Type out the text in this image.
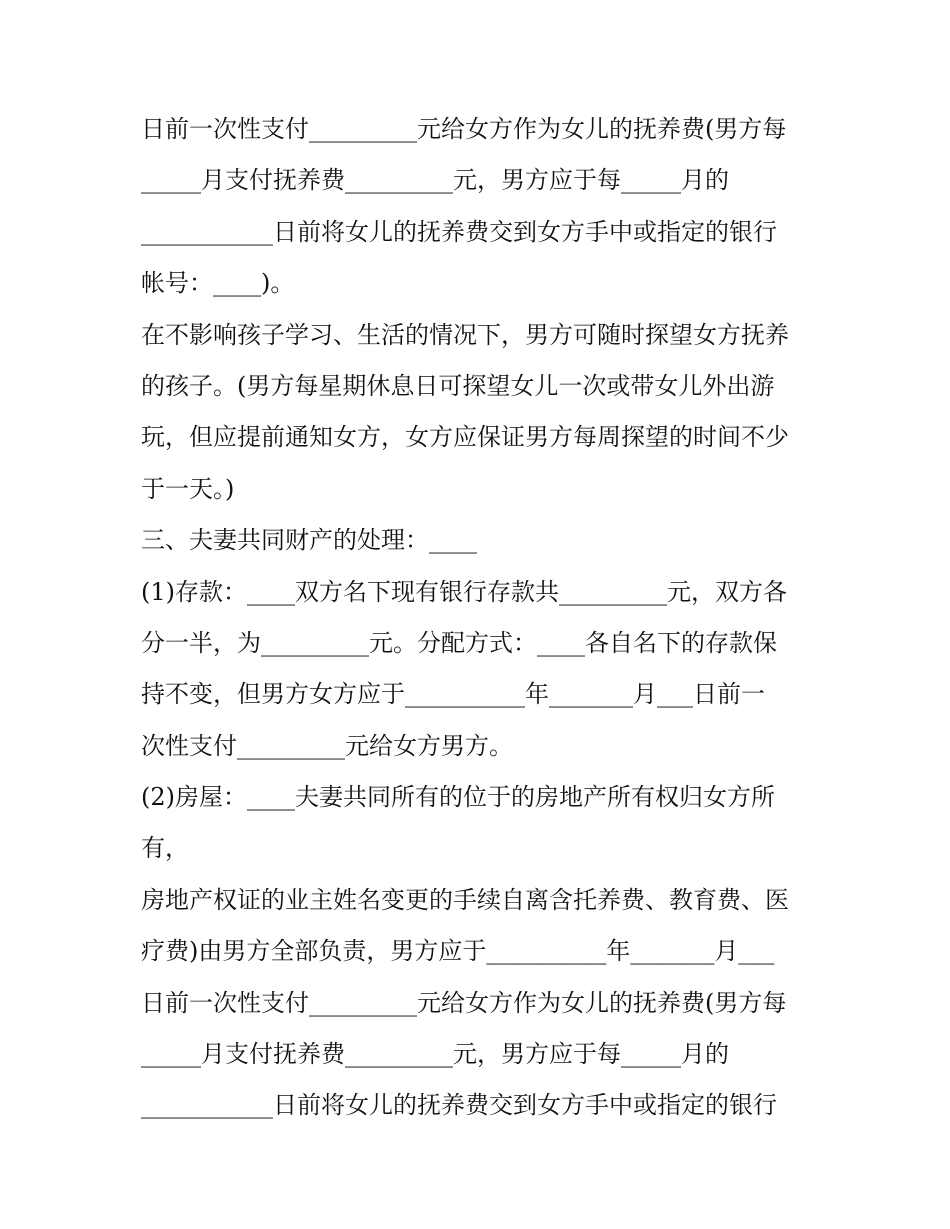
日前一次性支付_________元给女方作为女儿的抚养费(男方每
_____月支付抚养费_________元，男方应于每_____月的
___________日前将女儿的抚养费交到女方手中或指定的银行
帐号：____)。
在不影响孩子学习、生活的情况下，男方可随时探望女方抚养
的孩子。(男方每星期休息日可探望女儿一次或带女儿外出游
玩，但应提前通知女方，女方应保证男方每周探望的时间不少
于一天。)
三、夫妻共同财产的处理：____
(1)存款：____双方名下现有银行存款共_________元，双方各
分一半，为_________元。分配方式：____各自名下的存款保
持不变，但男方女方应于__________年_______月___日前一
次性支付_________元给女方男方。
(2)房屋：____夫妻共同所有的位于的房地产所有权归女方所
有，
房地产权证的业主姓名变更的手续自离含托养费、教育费、医
疗费)由男方全部负责，男方应于__________年_______月___
日前一次性支付_________元给女方作为女儿的抚养费(男方每
_____月支付抚养费_________元，男方应于每_____月的
___________日前将女儿的抚养费交到女方手中或指定的银行
